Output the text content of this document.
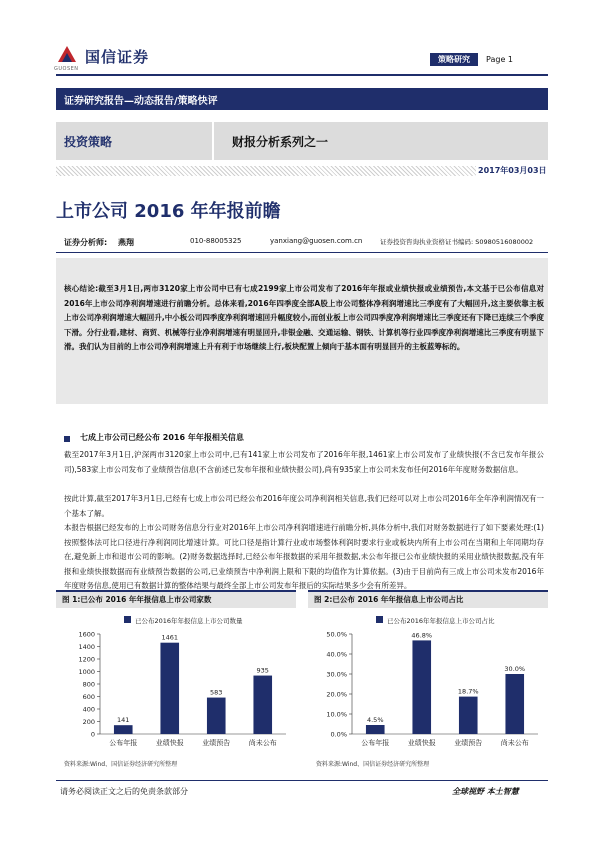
国信证券
GUOSEN
策略研究	Page 1
证券研究报告—动态报告/策略快评
投资策略	财报分析系列之一
2017年03月03日
上市公司 2016 年年报前瞻
证券分析师: 燕翔	010-88005325	yanxiang@guosen.com.cn	证券投资咨询执业资格证书编码: S0980516080002
核心结论:截至3月1日,两市3120家上市公司中已有七成2199家上市公司发布了2016年年报或业绩快报或业绩预告,本文基于已公布信息对2016年上市公司净利润增速进行前瞻分析。总体来看,2016年四季度全部A股上市公司整体净利润增速比三季度有了大幅回升,这主要依靠主板上市公司净利润增速大幅回升,中小板公司四季度净利润增速回升幅度较小,而创业板上市公司四季度净利润增速比三季度还有下降已连续三个季度下滑。分行业看,建材、商贸、机械等行业净利润增速有明显回升,非银金融、交通运输、钢铁、计算机等行业四季度净利润增速比三季度有明显下滑。我们认为目前的上市公司净利润增速上升有利于市场继续上行,板块配置上倾向于基本面有明显回升的主板蓝筹标的。
七成上市公司已经公布 2016 年年报相关信息
截至2017年3月1日,沪深两市3120家上市公司中,已有141家上市公司发布了2016年年报,1461家上市公司发布了业绩快报(不含已发布年报公司),583家上市公司发布了业绩预告信息(不含前述已发布年报和业绩快报公司),尚有935家上市公司未发布任何2016年年度财务数据信息。
按此计算,截至2017年3月1日,已经有七成上市公司已经公布2016年度公司净利润相关信息,我们已经可以对上市公司2016年全年净利润情况有一个基本了解。
本报告根据已经发布的上市公司财务信息分行业对2016年上市公司净利润增速进行前瞻分析,具体分析中,我们对财务数据进行了如下要素处理:(1)按照整体法可比口径进行净利润同比增速计算。可比口径是指计算行业或市场整体利润时要求行业或板块内所有上市公司在当期和上年同期均存在,避免新上市和退市公司的影响。(2)财务数据选择时,已经公布年报数据的采用年报数据,未公布年报已公布业绩快报的采用业绩快报数据,没有年报和业绩快报数据而有业绩预告数据的公司,已业绩预告中净利润上限和下限的均值作为计算依据。(3)由于目前尚有三成上市公司未发布2016年年度财务信息,使用已有数据计算的整体结果与最终全部上市公司发布年报后的实际结果多少会有所差异。
图 1:已公布 2016 年年报信息上市公司家数
已公布2016年年报信息上市公司数量
0
200
400
600
800
1000
1200
1400
1600
141
公布年报
1461
业绩快报
583
业绩预告
935
尚未公布
资料来源:Wind、国信证券经济研究所整理
图 2:已公布 2016 年年报信息上市公司占比
已公布2016年年报信息上市公司占比
0.0%
10.0%
20.0%
30.0%
40.0%
50.0%
4.5%
公布年报
46.8%
业绩快报
18.7%
业绩预告
30.0%
尚未公布
资料来源:Wind、国信证券经济研究所整理
请务必阅读正文之后的免责条款部分	全球视野 本土智慧
